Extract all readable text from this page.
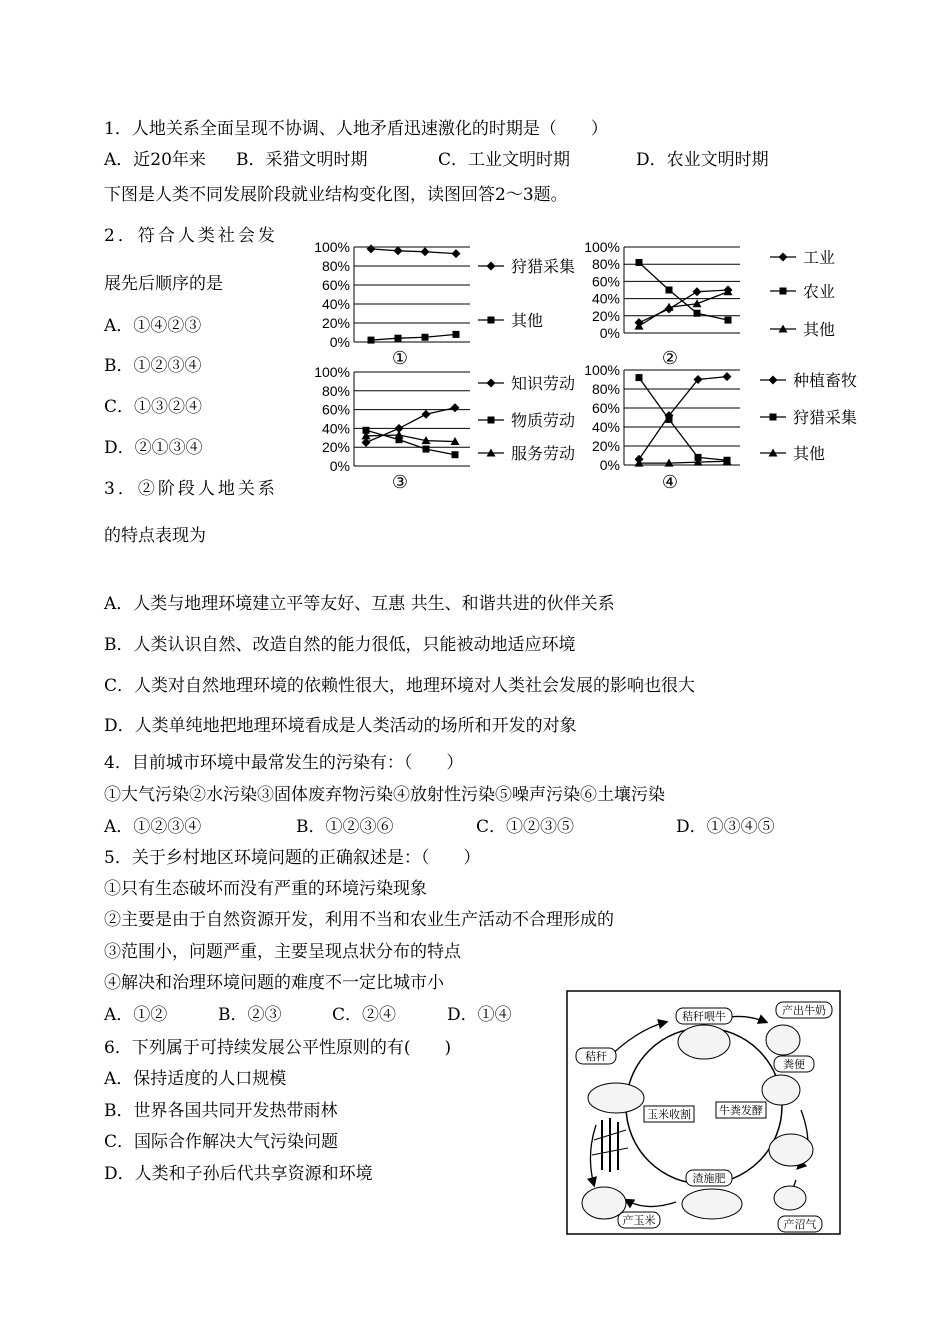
1．人地关系全面呈现不协调、人地矛盾迅速激化的时期是（　　）
A．近20年来 B．采猎文明时期	C．工业文明时期	D．农业文明时期
下图是人类不同发展阶段就业结构变化图，读图回答2～3题。
2．符合人类社会发
展先后顺序的是
A．①④②③
B．①②③④
C．①③②④
D．②①③④
3．②阶段人地关系
的特点表现为
A．人类与地理环境建立平等友好、互惠 共生、和谐共进的伙伴关系
B．人类认识自然、改造自然的能力很低，只能被动地适应环境
C．人类对自然地理环境的依赖性很大，地理环境对人类社会发展的影响也很大
D．人类单纯地把地理环境看成是人类活动的场所和开发的对象
4．目前城市环境中最常发生的污染有：（　　）
①大气污染②水污染③固体废弃物污染④放射性污染⑤噪声污染⑥土壤污染
A．①②③④	B．①②③⑥	C．①②③⑤	D．①③④⑤
5．关于乡村地区环境问题的正确叙述是：（　　）
①只有生态破坏而没有严重的环境污染现象
②主要是由于自然资源开发，利用不当和农业生产活动不合理形成的
③范围小，问题严重，主要呈现点状分布的特点
④解决和治理环境问题的难度不一定比城市小
A．①②	B．②③	C．②④	D．①④
6．下列属于可持续发展公平性原则的有(　　)
A．保持适度的人口规模
B．世界各国共同开发热带雨林
C．国际合作解决大气污染问题
D．人类和子孙后代共享资源和环境
100%
80%
60%
40%
20%
0%
狩猎采集
其他
①
100%
80%
60%
40%
20%
0%
工业
农业
其他
②
100%
80%
60%
40%
20%
0%
知识劳动
物质劳动
服务劳动
③
100%
80%
60%
40%
20%
0%
种植畜牧
狩猎采集
其他
④
秸秆喂牛	产出牛奶
粪便
秸秆
玉米收割	牛粪发酵
渣施肥
产玉米	产沼气
